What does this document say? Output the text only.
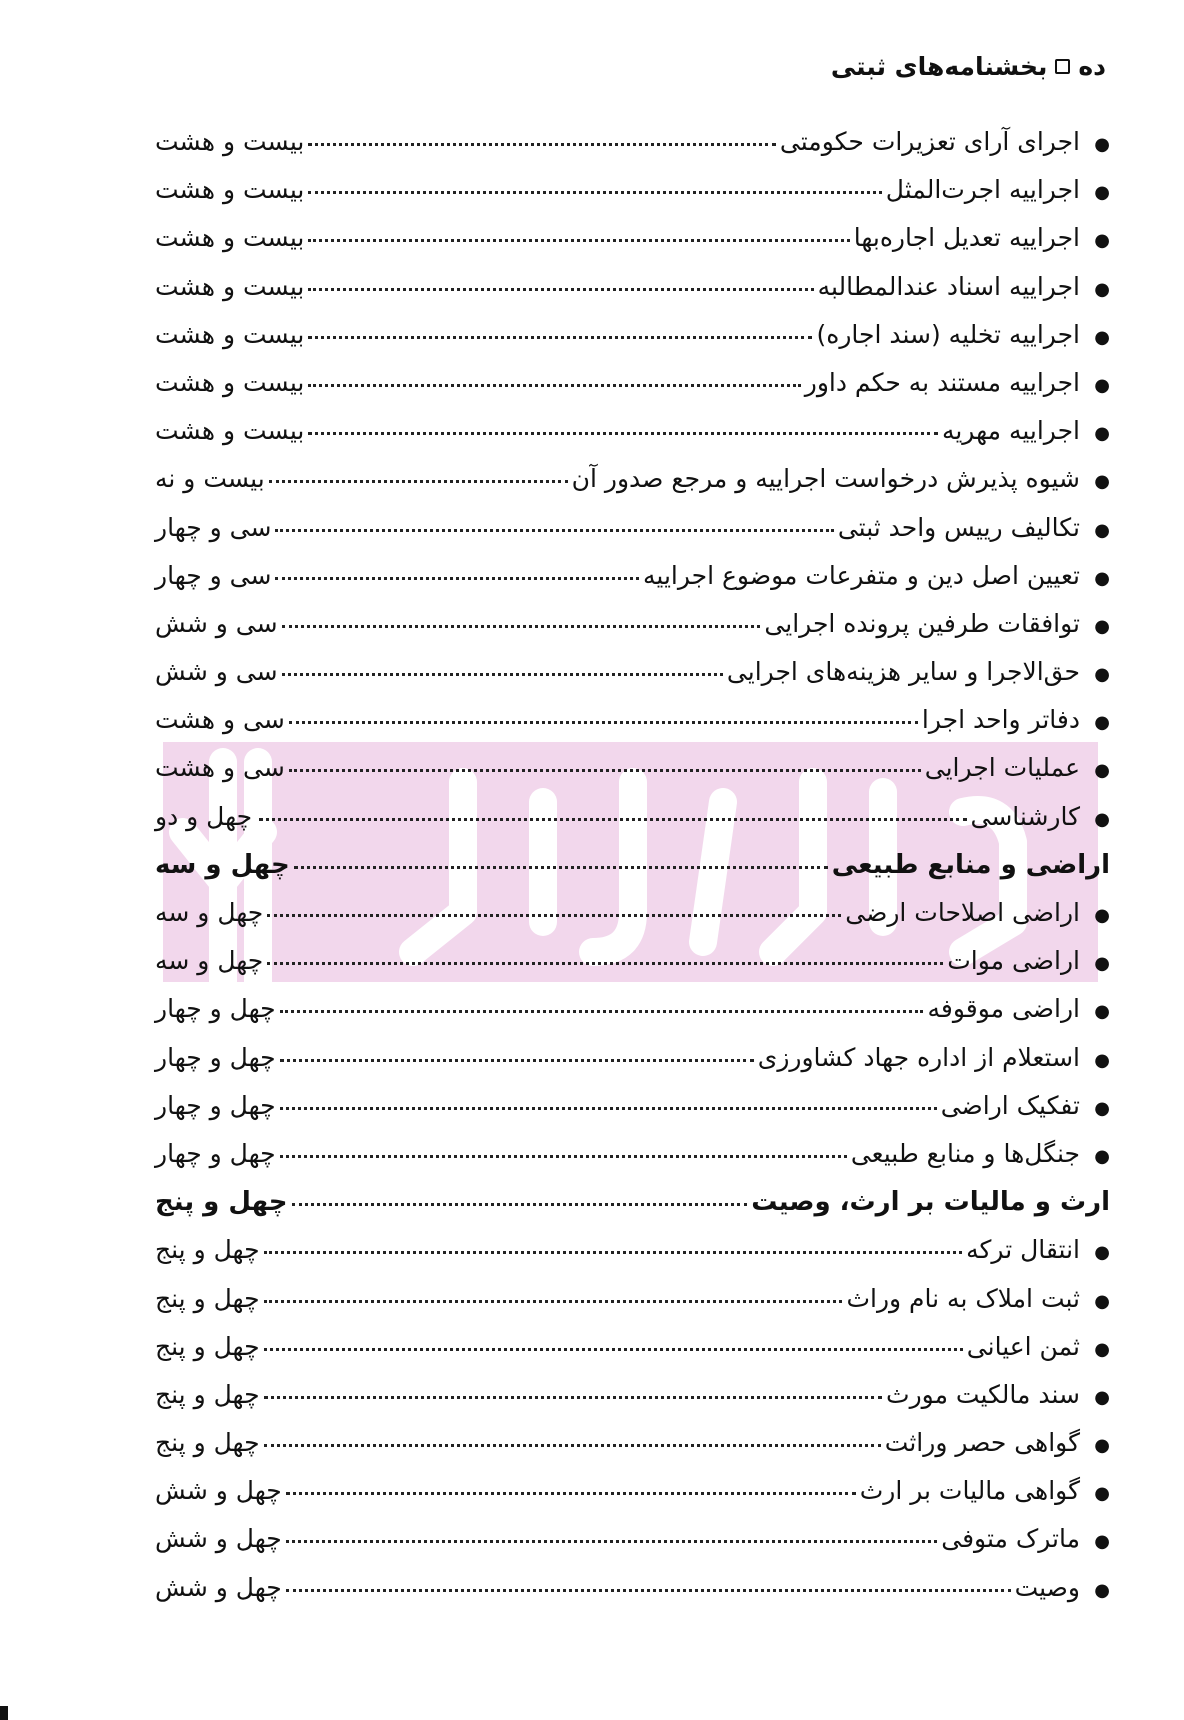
ده
بخشنامه‌های ثبتی
●
اجرای آرای تعزیرات حکومتی
بیست و هشت
●
اجراییه اجرت‌المثل
بیست و هشت
●
اجراییه تعدیل اجاره‌بها
بیست و هشت
●
اجراییه اسناد عندالمطالبه
بیست و هشت
●
اجراییه تخلیه (سند اجاره)
بیست و هشت
●
اجراییه مستند به حکم داور
بیست و هشت
●
اجراییه مهریه
بیست و هشت
●
شیوه پذیرش درخواست اجراییه و مرجع صدور آن
بیست و نه
●
تکالیف رییس واحد ثبتی
سی و چهار
●
تعیین اصل دین و متفرعات موضوع اجراییه
سی و چهار
●
توافقات طرفین پرونده اجرایی
سی و شش
●
حق‌الاجرا و سایر هزینه‌های اجرایی
سی و شش
●
دفاتر واحد اجرا
سی و هشت
●
عملیات اجرایی
سی و هشت
●
کارشناسی
چهل و دو
اراضی و منابع طبیعی
چهل و سه
●
اراضی اصلاحات ارضی
چهل و سه
●
اراضی موات
چهل و سه
●
اراضی موقوفه
چهل و چهار
●
استعلام از اداره جهاد کشاورزی
چهل و چهار
●
تفکیک اراضی
چهل و چهار
●
جنگل‌ها و منابع طبیعی
چهل و چهار
ارث و مالیات بر ارث، وصیت
چهل و پنج
●
انتقال ترکه
چهل و پنج
●
ثبت املاک به نام وراث
چهل و پنج
●
ثمن اعیانی
چهل و پنج
●
سند مالکیت مورث
چهل و پنج
●
گواهی حصر وراثت
چهل و پنج
●
گواهی مالیات بر ارث
چهل و شش
●
ماترک متوفی
چهل و شش
●
وصیت
چهل و شش
